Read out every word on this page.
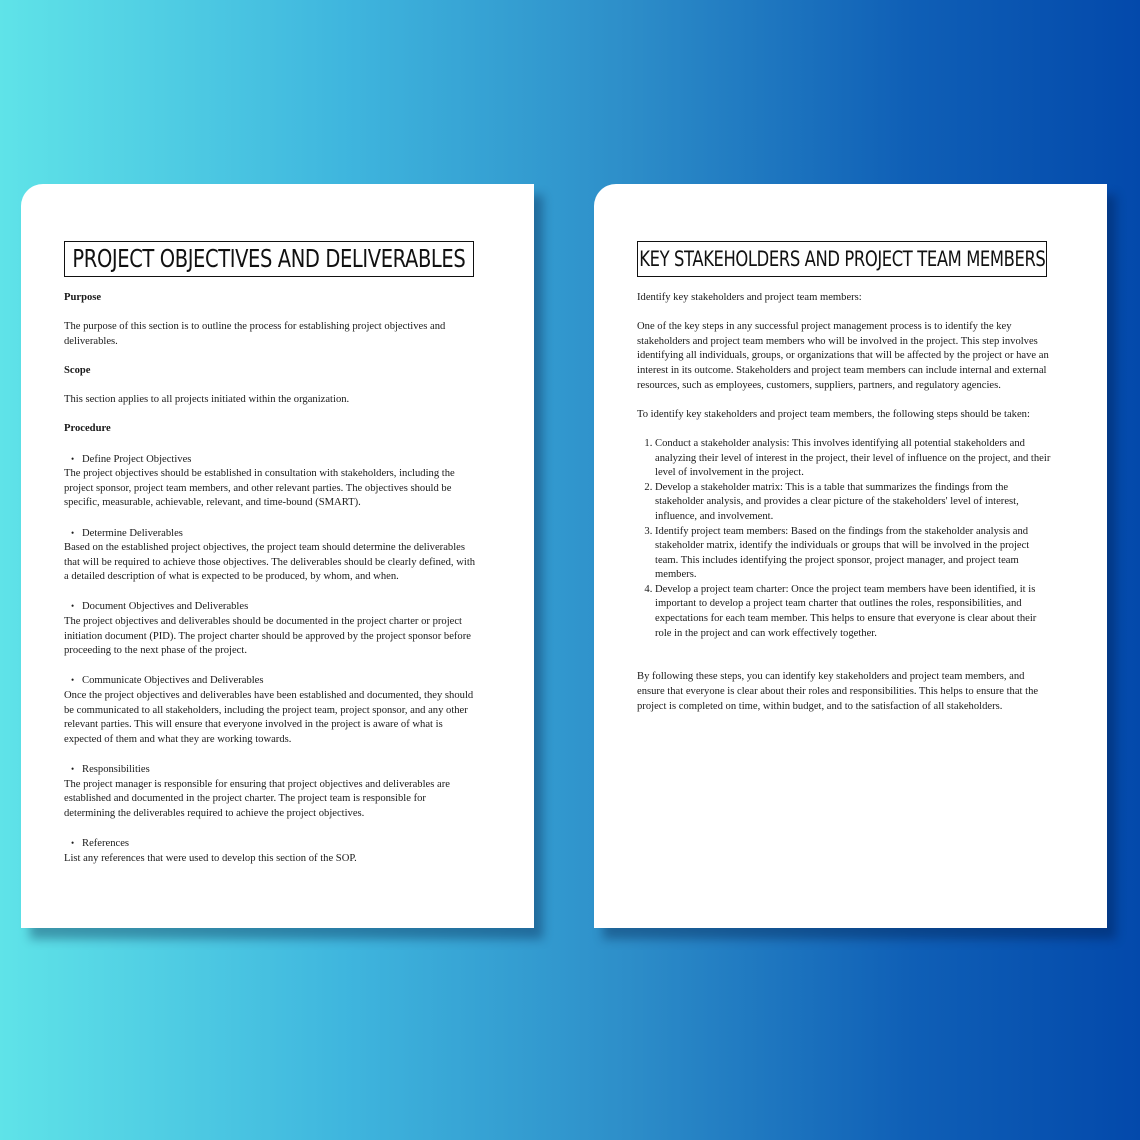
PROJECT OBJECTIVES AND DELIVERABLES

Purpose

The purpose of this section is to outline the process for establishing project objectives and deliverables.

Scope

This section applies to all projects initiated within the organization.

Procedure

• Define Project Objectives

The project objectives should be established in consultation with stakeholders, including the project sponsor, project team members, and other relevant parties. The objectives should be specific, measurable, achievable, relevant, and time-bound (SMART).

• Determine Deliverables

Based on the established project objectives, the project team should determine the deliverables that will be required to achieve those objectives. The deliverables should be clearly defined, with a detailed description of what is expected to be produced, by whom, and when.

• Document Objectives and Deliverables

The project objectives and deliverables should be documented in the project charter or project initiation document (PID). The project charter should be approved by the project sponsor before proceeding to the next phase of the project.

• Communicate Objectives and Deliverables

Once the project objectives and deliverables have been established and documented, they should be communicated to all stakeholders, including the project team, project sponsor, and any other relevant parties. This will ensure that everyone involved in the project is aware of what is expected of them and what they are working towards.

• Responsibilities

The project manager is responsible for ensuring that project objectives and deliverables are established and documented in the project charter. The project team is responsible for determining the deliverables required to achieve the project objectives.

• References

List any references that were used to develop this section of the SOP.

KEY STAKEHOLDERS AND PROJECT TEAM MEMBERS

Identify key stakeholders and project team members:

One of the key steps in any successful project management process is to identify the key stakeholders and project team members who will be involved in the project. This step involves identifying all individuals, groups, or organizations that will be affected by the project or have an interest in its outcome. Stakeholders and project team members can include internal and external resources, such as employees, customers, suppliers, partners, and regulatory agencies.

To identify key stakeholders and project team members, the following steps should be taken:

1. Conduct a stakeholder analysis: This involves identifying all potential stakeholders and analyzing their level of interest in the project, their level of influence on the project, and their level of involvement in the project.
2. Develop a stakeholder matrix: This is a table that summarizes the findings from the stakeholder analysis, and provides a clear picture of the stakeholders' level of interest, influence, and involvement.
3. Identify project team members: Based on the findings from the stakeholder analysis and stakeholder matrix, identify the individuals or groups that will be involved in the project team. This includes identifying the project sponsor, project manager, and project team members.
4. Develop a project team charter: Once the project team members have been identified, it is important to develop a project team charter that outlines the roles, responsibilities, and expectations for each team member. This helps to ensure that everyone is clear about their role in the project and can work effectively together.

By following these steps, you can identify key stakeholders and project team members, and ensure that everyone is clear about their roles and responsibilities. This helps to ensure that the project is completed on time, within budget, and to the satisfaction of all stakeholders.
